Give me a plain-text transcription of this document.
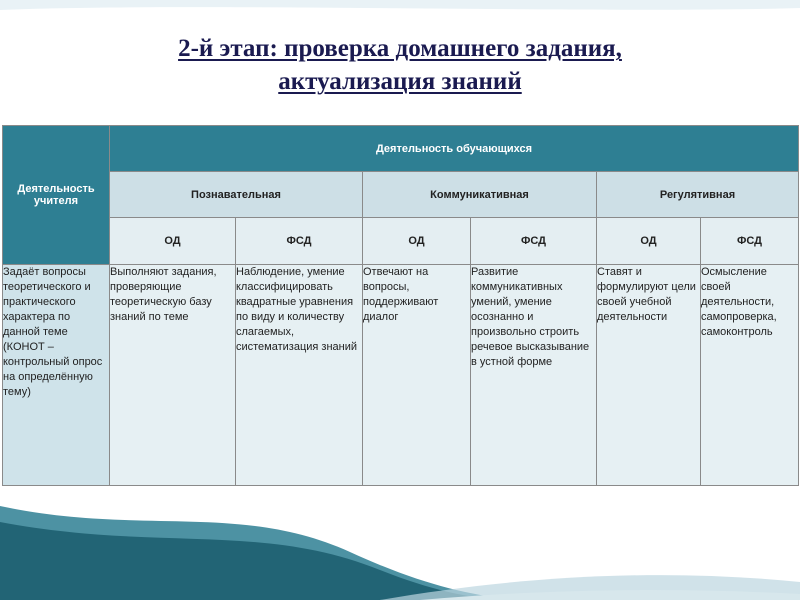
2-й этап: проверка домашнего задания,
актуализация знаний
Деятельность учителя	Деятельность обучающихся					
	Познавательная		Коммуникативная		Регулятивная	
	ОД	ФСД	ОД	ФСД	ОД	ФСД
Задаёт вопросы теоретического и практического характера по данной теме (КОНОТ – контрольный опрос на определённую тему)	Выполняют задания, проверяющие теоретическую базу знаний по теме	Наблюдение, умение классифицировать квадратные уравнения по виду и количеству слагаемых, систематизация знаний	Отвечают на вопросы, поддерживают диалог	Развитие коммуникативных умений, умение осознанно и произвольно строить речевое высказывание в устной форме	Ставят и формулируют цели своей учебной деятельности	Осмысление своей деятельности, самопроверка, самоконтроль
